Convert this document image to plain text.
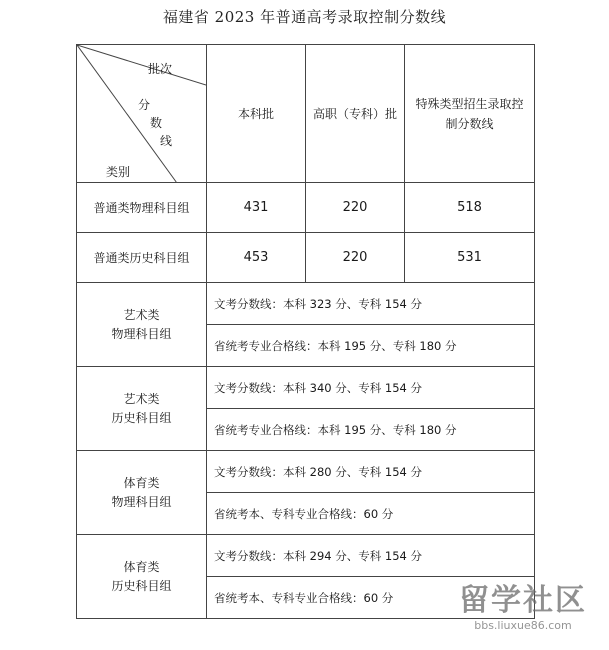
福建省 2023 年普通高考录取控制分数线
批次
分
数
线
类别	本科批	高职（专科）批	特殊类型招生录取控制分数线

普通类物理科目组	431	220	518
普通类历史科目组	453	220	531

艺术类
物理科目组	文考分数线：本科 323 分、专科 154 分		
	省统考专业合格线：本科 195 分、专科 180 分		

艺术类
历史科目组	文考分数线：本科 340 分、专科 154 分		
	省统考专业合格线：本科 195 分、专科 180 分		

体育类
物理科目组	文考分数线：本科 280 分、专科 154 分		
	省统考本、专科专业合格线：60 分		

体育类
历史科目组	文考分数线：本科 294 分、专科 154 分		
	省统考本、专科专业合格线：60 分		留学社区
bbs.liuxue86.com
